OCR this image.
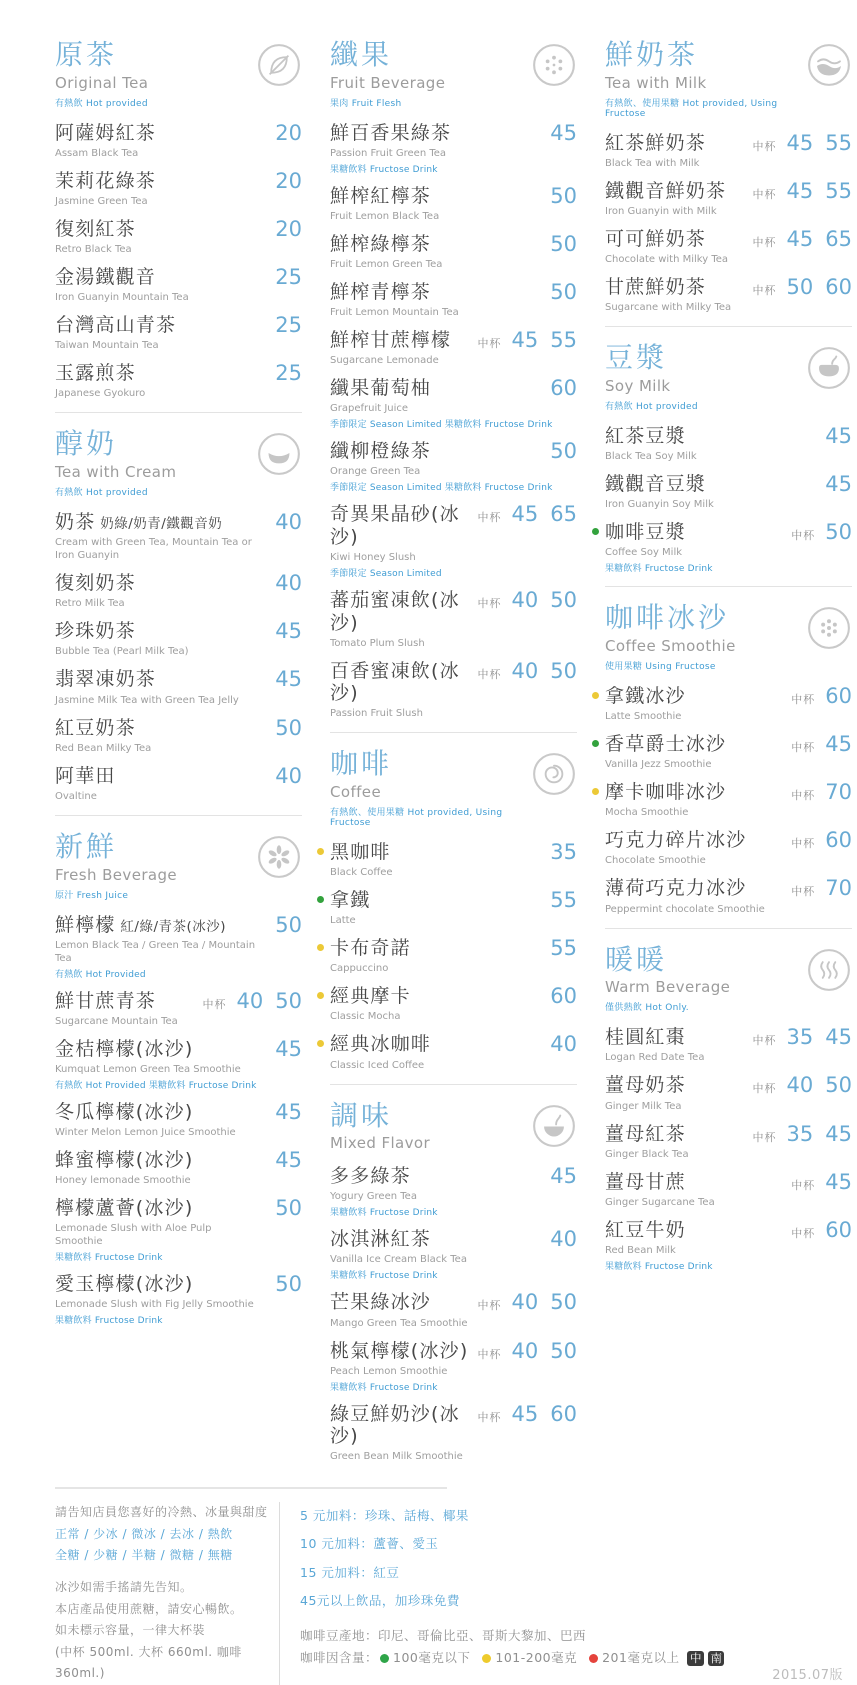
原茶
Original Tea
有熱飲 Hot provided
阿薩姆紅茶	20
Assam Black Tea
茉莉花綠茶	20
Jasmine Green Tea
復刻紅茶	20
Retro Black Tea
金湯鐵觀音	25
Iron Guanyin Mountain Tea
台灣高山青茶	25
Taiwan Mountain Tea
玉露煎茶	25
Japanese Gyokuro
醇奶
Tea with Cream
有熱飲 Hot provided
奶茶 奶綠/奶青/鐵觀音奶	40
Cream with Green Tea, Mountain Tea or Iron Guanyin
復刻奶茶	40
Retro Milk Tea
珍珠奶茶	45
Bubble Tea (Pearl Milk Tea)
翡翠凍奶茶	45
Jasmine Milk Tea with Green Tea Jelly
紅豆奶茶	50
Red Bean Milky Tea
阿華田	40
Ovaltine
新鮮
Fresh Beverage
原汁 Fresh Juice
鮮檸檬 紅/綠/青茶(冰沙) 50
Lemon Black Tea / Green Tea / Mountain Tea
有熱飲 Hot Provided
鮮甘蔗青茶	中杯 40 50
Sugarcane Mountain Tea
金桔檸檬(冰沙)	45
Kumquat Lemon Green Tea Smoothie
有熱飲 Hot Provided 果糖飲料 Fructose Drink
冬瓜檸檬(冰沙)	45
Winter Melon Lemon Juice Smoothie
蜂蜜檸檬(冰沙)	45
Honey lemonade Smoothie
檸檬蘆薈(冰沙)	50
Lemonade Slush with Aloe Pulp Smoothie
果糖飲料 Fructose Drink
愛玉檸檬(冰沙)	50
Lemonade Slush with Fig Jelly Smoothie
果糖飲料 Fructose Drink
纖果
Fruit Beverage
果肉 Fruit Flesh
鮮百香果綠茶	45
Passion Fruit Green Tea
果糖飲料 Fructose Drink
鮮榨紅檸茶	50
Fruit Lemon Black Tea
鮮榨綠檸茶	50
Fruit Lemon Green Tea
鮮榨青檸茶	50
Fruit Lemon Mountain Tea
鮮榨甘蔗檸檬 中杯 45 55
Sugarcane Lemonade
纖果葡萄柚	60
Grapefruit Juice
季節限定 Season Limited 果糖飲料 Fructose Drink
纖柳橙綠茶	50
Orange Green Tea
季節限定 Season Limited 果糖飲料 Fructose Drink
奇異果晶砂(冰沙)
中杯 45 65
Kiwi Honey Slush
季節限定 Season Limited
蕃茄蜜凍飲(冰沙)
中杯 40 50
Tomato Plum Slush
百香蜜凍飲(冰沙)
中杯 40 50
Passion Fruit Slush
咖啡
Coffee
有熱飲、使用果糖 Hot provided, Using Fructose
黑咖啡	35
Black Coffee
拿鐵	55
Latte
卡布奇諾	55
Cappuccino
經典摩卡	60
Classic Mocha
經典冰咖啡	40
Classic Iced Coffee
調味
Mixed Flavor
多多綠茶	45
Yogury Green Tea
果糖飲料 Fructose Drink
冰淇淋紅茶	40
Vanilla Ice Cream Black Tea
果糖飲料 Fructose Drink
芒果綠冰沙	中杯 40 50
Mango Green Tea Smoothie
桃氣檸檬(冰沙) 中杯 40 50
Peach Lemon Smoothie
果糖飲料 Fructose Drink
綠豆鮮奶沙(冰沙)
中杯 45 60
Green Bean Milk Smoothie
鮮奶茶
Tea with Milk
有熱飲、使用果糖 Hot provided, Using Fructose
紅茶鮮奶茶	中杯 45 55
Black Tea with Milk
鐵觀音鮮奶茶 中杯 45 55
Iron Guanyin with Milk
可可鮮奶茶	中杯 45 65
Chocolate with Milky Tea
甘蔗鮮奶茶	中杯 50 60
Sugarcane with Milky Tea
豆漿
Soy Milk
有熱飲 Hot provided
紅茶豆漿	45
Black Tea Soy Milk
鐵觀音豆漿	45
Iron Guanyin Soy Milk
咖啡豆漿	中杯 50
Coffee Soy Milk
果糖飲料 Fructose Drink
咖啡冰沙
Coffee Smoothie
使用果糖 Using Fructose
拿鐵冰沙	中杯 60
Latte Smoothie
香草爵士冰沙	中杯 45
Vanilla Jezz Smoothie
摩卡咖啡冰沙	中杯 70
Mocha Smoothie
巧克力碎片冰沙	中杯 60
Chocolate Smoothie
薄荷巧克力冰沙	中杯 70
Peppermint chocolate Smoothie
暖暖
Warm Beverage
僅供熱飲 Hot Only.
桂圓紅棗	中杯 35 45
Logan Red Date Tea
薑母奶茶	中杯 40 50
Ginger Milk Tea
薑母紅茶	中杯 35 45
Ginger Black Tea
薑母甘蔗	中杯 45
Ginger Sugarcane Tea
紅豆牛奶	中杯 60
Red Bean Milk
果糖飲料 Fructose Drink
請告知店員您喜好的冷熱、冰量與甜度
正常 / 少冰 / 微冰 / 去冰 / 熱飲
全糖 / 少糖 / 半糖 / 微糖 / 無糖
冰沙如需手搖請先告知。
本店產品使用蔗糖，請安心暢飲。
如未標示容量，一律大杯裝
(中杯 500ml. 大杯 660ml. 咖啡 360ml.)
5 元加料：珍珠、話梅、椰果
10 元加料：蘆薈、愛玉
15 元加料：紅豆
45元以上飲品，加珍珠免費
咖啡豆產地：印尼、哥倫比亞、哥斯大黎加、巴西
咖啡因含量： 100毫克以下 101-200毫克 201毫克以上 中 南
2015.07版
